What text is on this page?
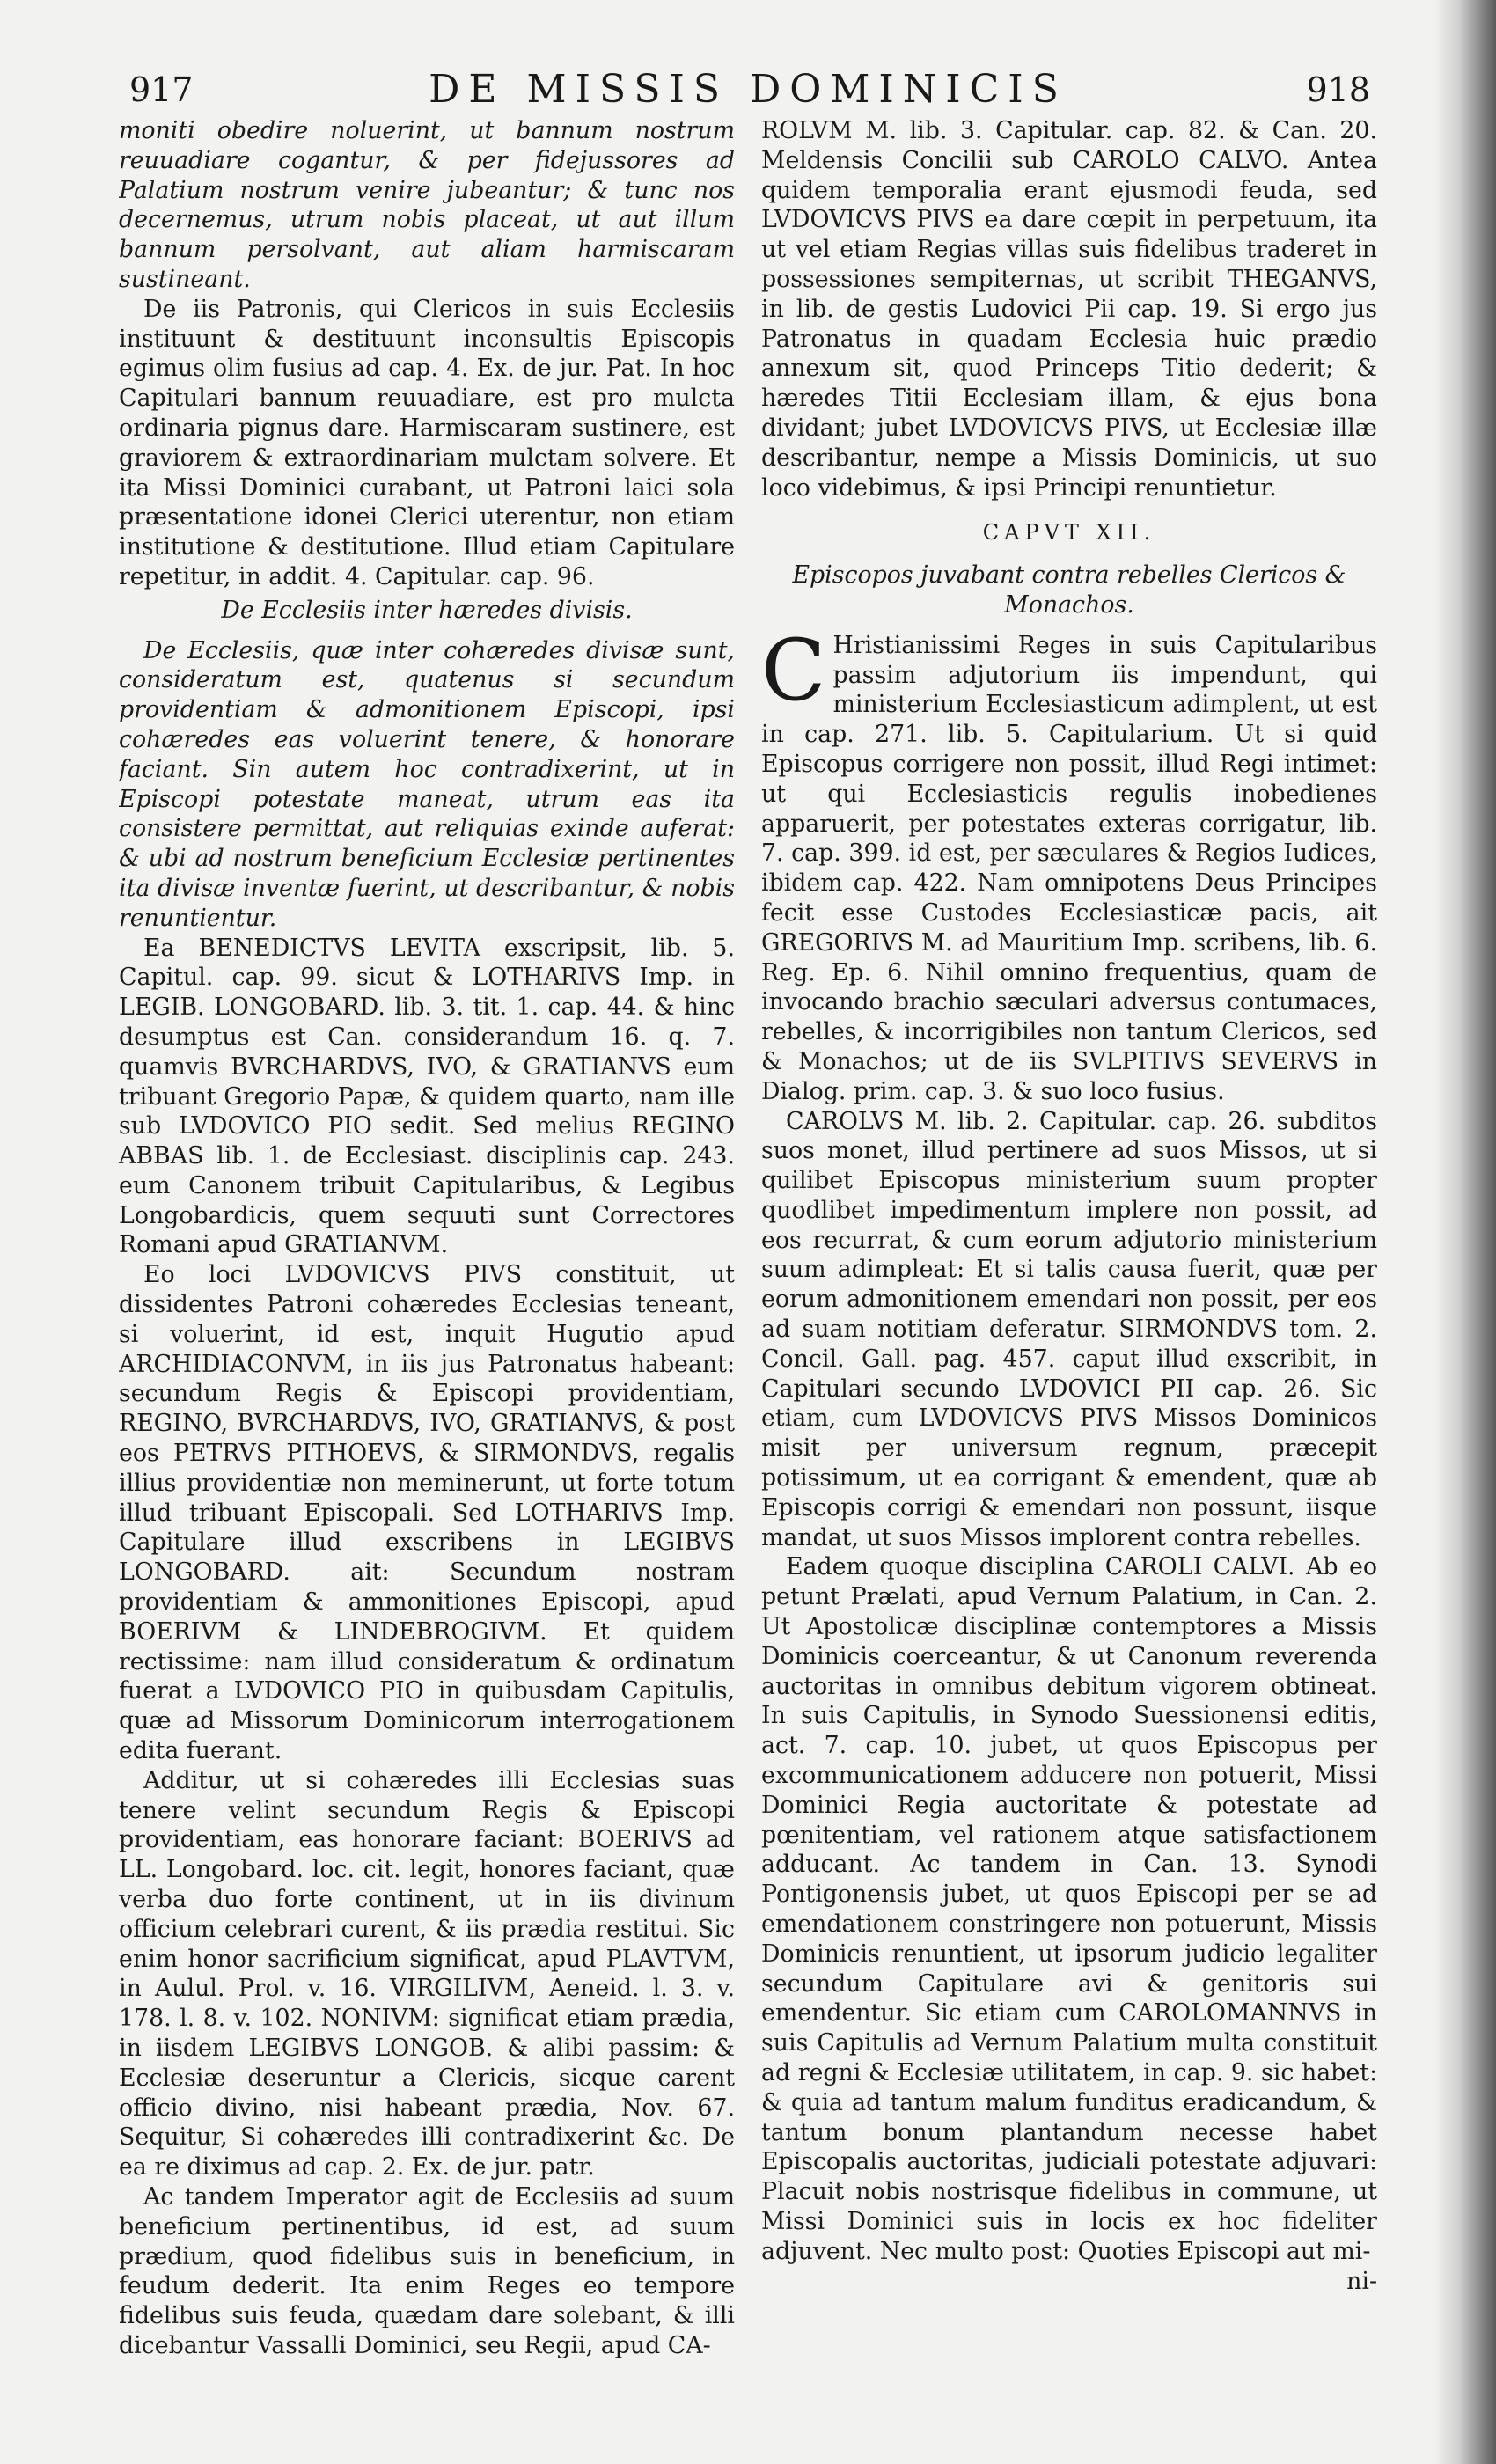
917	DE MISSIS DOMINICIS	918

moniti obedire noluerint, ut bannum nostrum reuuadiare cogantur, & per fidejussores ad Palatium nostrum venire jubeantur; & tunc nos decernemus, utrum nobis placeat, ut aut illum bannum persolvant, aut aliam harmiscaram sustineant.

De iis Patronis, qui Clericos in suis Ecclesiis instituunt & destituunt inconsultis Episcopis egimus olim fusius ad cap. 4. Ex. de jur. Pat. In hoc Capitulari bannum reuuadiare, est pro mulcta ordinaria pignus dare. Harmiscaram sustinere, est graviorem & extraordinariam mulctam solvere. Et ita Missi Dominici curabant, ut Patroni laici sola præsentatione idonei Clerici uterentur, non etiam institutione & destitutione. Illud etiam Capitulare repetitur, in addit. 4. Capitular. cap. 96.

De Ecclesiis inter hæredes divisis.

De Ecclesiis, quæ inter cohæredes divisæ sunt, consideratum est, quatenus si secundum providentiam & admonitionem Episcopi, ipsi cohæredes eas voluerint tenere, & honorare faciant. Sin autem hoc contradixerint, ut in Episcopi potestate maneat, utrum eas ita consistere permittat, aut reliquias exinde auferat: & ubi ad nostrum beneficium Ecclesiæ pertinentes ita divisæ inventæ fuerint, ut describantur, & nobis renuntientur.

Ea BENEDICTVS LEVITA exscripsit, lib. 5. Capitul. cap. 99. sicut & LOTHARIVS Imp. in LEGIB. LONGOBARD. lib. 3. tit. 1. cap. 44. & hinc desumptus est Can. considerandum 16. q. 7. quamvis BVRCHARDVS, IVO, & GRATIANVS eum tribuant Gregorio Papæ, & quidem quarto, nam ille sub LVDOVICO PIO sedit. Sed melius REGINO ABBAS lib. 1. de Ecclesiast. disciplinis cap. 243. eum Canonem tribuit Capitularibus, & Legibus Longobardicis, quem sequuti sunt Correctores Romani apud GRATIANVM.

Eo loci LVDOVICVS PIVS constituit, ut dissidentes Patroni cohæredes Ecclesias teneant, si voluerint, id est, inquit Hugutio apud ARCHIDIACONVM, in iis jus Patronatus habeant: secundum Regis & Episcopi providentiam, REGINO, BVRCHARDVS, IVO, GRATIANVS, & post eos PETRVS PITHOEVS, & SIRMONDVS, regalis illius providentiæ non meminerunt, ut forte totum illud tribuant Episcopali. Sed LOTHARIVS Imp. Capitulare illud exscribens in LEGIBVS LONGOBARD. ait: Secundum nostram providentiam & ammonitiones Episcopi, apud BOERIVM & LINDEBROGIVM. Et quidem rectissime: nam illud consideratum & ordinatum fuerat a LVDOVICO PIO in quibusdam Capitulis, quæ ad Missorum Dominicorum interrogationem edita fuerant.

Additur, ut si cohæredes illi Ecclesias suas tenere velint secundum Regis & Episcopi providentiam, eas honorare faciant: BOERIVS ad LL. Longobard. loc. cit. legit, honores faciant, quæ verba duo forte continent, ut in iis divinum officium celebrari curent, & iis prædia restitui. Sic enim honor sacrificium significat, apud PLAVTVM, in Aulul. Prol. v. 16. VIRGILIVM, Aeneid. l. 3. v. 178. l. 8. v. 102. NONIVM: significat etiam prædia, in iisdem LEGIBVS LONGOB. & alibi passim: & Ecclesiæ deseruntur a Clericis, sicque carent officio divino, nisi habeant prædia, Nov. 67. Sequitur, Si cohæredes illi contradixerint &c. De ea re diximus ad cap. 2. Ex. de jur. patr.

Ac tandem Imperator agit de Ecclesiis ad suum beneficium pertinentibus, id est, ad suum prædium, quod fidelibus suis in beneficium, in feudum dederit. Ita enim Reges eo tempore fidelibus suis feuda, quædam dare solebant, & illi dicebantur Vassalli Dominici, seu Regii, apud CA-

ROLVM M. lib. 3. Capitular. cap. 82. & Can. 20. Meldensis Concilii sub CAROLO CALVO. Antea quidem temporalia erant ejusmodi feuda, sed LVDOVICVS PIVS ea dare cœpit in perpetuum, ita ut vel etiam Regias villas suis fidelibus traderet in possessiones sempiternas, ut scribit THEGANVS, in lib. de gestis Ludovici Pii cap. 19. Si ergo jus Patronatus in quadam Ecclesia huic prædio annexum sit, quod Princeps Titio dederit; & hæredes Titii Ecclesiam illam, & ejus bona dividant; jubet LVDOVICVS PIVS, ut Ecclesiæ illæ describantur, nempe a Missis Dominicis, ut suo loco videbimus, & ipsi Principi renuntietur.

CAPVT XII.

Episcopos juvabant contra rebelles Clericos & Monachos.

C Hristianissimi Reges in suis Capitularibus passim adjutorium iis impendunt, qui ministerium Ecclesiasticum adimplent, ut est in cap. 271. lib. 5. Capitularium. Ut si quid Episcopus corrigere non possit, illud Regi intimet: ut qui Ecclesiasticis regulis inobedienes apparuerit, per potestates exteras corrigatur, lib. 7. cap. 399. id est, per sæculares & Regios Iudices, ibidem cap. 422. Nam omnipotens Deus Principes fecit esse Custodes Ecclesiasticæ pacis, ait GREGORIVS M. ad Mauritium Imp. scribens, lib. 6. Reg. Ep. 6. Nihil omnino frequentius, quam de invocando brachio sæculari adversus contumaces, rebelles, & incorrigibiles non tantum Clericos, sed & Monachos; ut de iis SVLPITIVS SEVERVS in Dialog. prim. cap. 3. & suo loco fusius.

CAROLVS M. lib. 2. Capitular. cap. 26. subditos suos monet, illud pertinere ad suos Missos, ut si quilibet Episcopus ministerium suum propter quodlibet impedimentum implere non possit, ad eos recurrat, & cum eorum adjutorio ministerium suum adimpleat: Et si talis causa fuerit, quæ per eorum admonitionem emendari non possit, per eos ad suam notitiam deferatur. SIRMONDVS tom. 2. Concil. Gall. pag. 457. caput illud exscribit, in Capitulari secundo LVDOVICI PII cap. 26. Sic etiam, cum LVDOVICVS PIVS Missos Dominicos misit per universum regnum, præcepit potissimum, ut ea corrigant & emendent, quæ ab Episcopis corrigi & emendari non possunt, iisque mandat, ut suos Missos implorent contra rebelles.

Eadem quoque disciplina CAROLI CALVI. Ab eo petunt Prælati, apud Vernum Palatium, in Can. 2. Ut Apostolicæ disciplinæ contemptores a Missis Dominicis coerceantur, & ut Canonum reverenda auctoritas in omnibus debitum vigorem obtineat. In suis Capitulis, in Synodo Suessionensi editis, act. 7. cap. 10. jubet, ut quos Episcopus per excommunicationem adducere non potuerit, Missi Dominici Regia auctoritate & potestate ad pœnitentiam, vel rationem atque satisfactionem adducant. Ac tandem in Can. 13. Synodi Pontigonensis jubet, ut quos Episcopi per se ad emendationem constringere non potuerunt, Missis Dominicis renuntient, ut ipsorum judicio legaliter secundum Capitulare avi & genitoris sui emendentur. Sic etiam cum CAROLOMANNVS in suis Capitulis ad Vernum Palatium multa constituit ad regni & Ecclesiæ utilitatem, in cap. 9. sic habet: & quia ad tantum malum funditus eradicandum, & tantum bonum plantandum necesse habet Episcopalis auctoritas, judiciali potestate adjuvari: Placuit nobis nostrisque fidelibus in commune, ut Missi Dominici suis in locis ex hoc fideliter adjuvent. Nec multo post: Quoties Episcopi aut mi-

ni-
